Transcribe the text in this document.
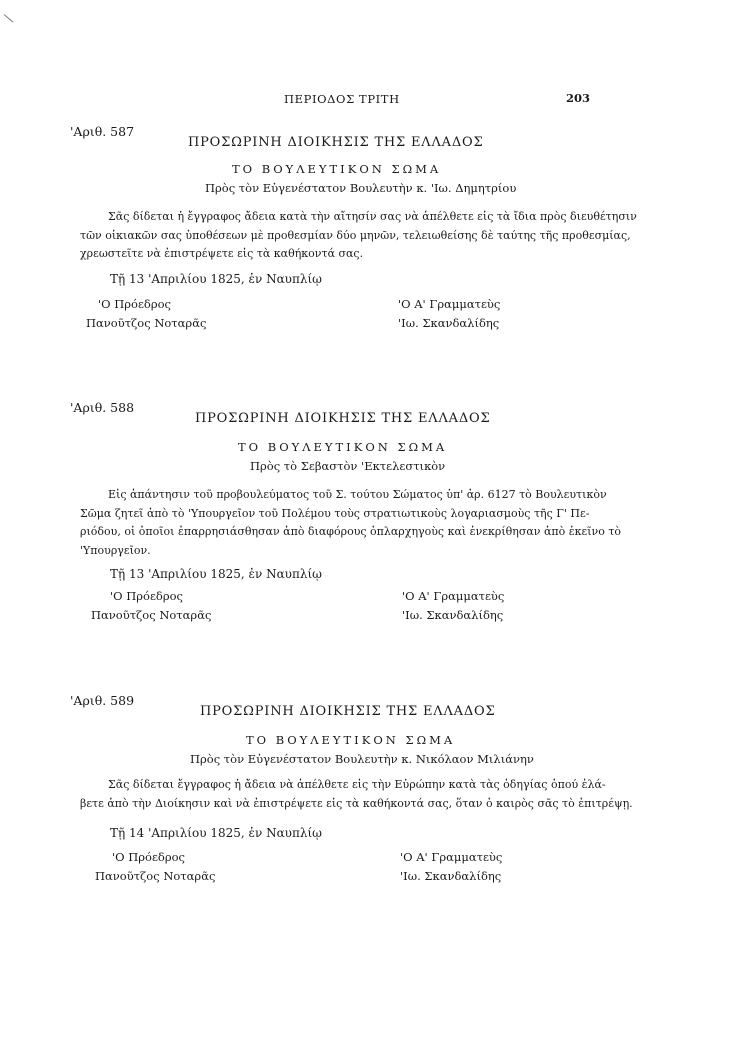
ΠΕΡΙΟΔΟΣ ΤΡΙΤΗ	203
'Αριθ. 587
ΠΡΟΣΩΡΙΝΗ ΔΙΟΙΚΗΣΙΣ ΤΗΣ ΕΛΛΑΔΟΣ
ΤΟ ΒΟΥΛΕΥΤΙΚΟΝ ΣΩΜΑ
Πρὸς τὸν Εὐγενέστατον Βουλευτὴν κ. 'Ιω. Δημητρίου
Σᾶς δίδεται ἡ ἔγγραφος ἄδεια κατὰ τὴν αἴτησίν σας νὰ ἀπέλθετε εἰς τὰ ἴδια πρὸς διευθέτησιν
τῶν οἰκιακῶν σας ὑποθέσεων μὲ προθεσμίαν δύο μηνῶν, τελειωθείσης δὲ ταύτης τῆς προθεσμίας,
χρεωστεῖτε νὰ ἐπιστρέψετε εἰς τὰ καθήκοντά σας.
Τῇ 13 'Απριλίου 1825, ἐν Ναυπλίῳ
'Ο Πρόεδρος
Πανοῦτζος Νοταρᾶς
'Ο Α' Γραμματεὺς
'Ιω. Σκανδαλίδης
'Αριθ. 588
ΠΡΟΣΩΡΙΝΗ ΔΙΟΙΚΗΣΙΣ ΤΗΣ ΕΛΛΑΔΟΣ
ΤΟ ΒΟΥΛΕΥΤΙΚΟΝ ΣΩΜΑ
Πρὸς τὸ Σεβαστὸν 'Εκτελεστικὸν
Εἰς ἀπάντησιν τοῦ προβουλεύματος τοῦ Σ. τούτου Σώματος ὑπ' ἀρ. 6127 τὸ Βουλευτικὸν
Σῶμα ζητεῖ ἀπὸ τὸ 'Υπουργεῖον τοῦ Πολέμου τοὺς στρατιωτικοὺς λογαριασμοὺς τῆς Γ' Πε-
ριόδου, οἱ ὁποῖοι ἐπαρρησιάσθησαν ἀπὸ διαφόρους ὁπλαρχηγοὺς καὶ ἐνεκρίθησαν ἀπὸ ἐκεῖνο τὸ
'Υπουργεῖον.
Τῇ 13 'Απριλίου 1825, ἐν Ναυπλίῳ
'Ο Πρόεδρος
Πανοῦτζος Νοταρᾶς
'Ο Α' Γραμματεὺς
'Ιω. Σκανδαλίδης
'Αριθ. 589
ΠΡΟΣΩΡΙΝΗ ΔΙΟΙΚΗΣΙΣ ΤΗΣ ΕΛΛΑΔΟΣ
ΤΟ ΒΟΥΛΕΥΤΙΚΟΝ ΣΩΜΑ
Πρὸς τὸν Εὐγενέστατον Βουλευτὴν κ. Νικόλαον Μιλιάνην
Σᾶς δίδεται ἔγγραφος ἡ ἄδεια νὰ ἀπέλθετε εἰς τὴν Εὐρώπην κατὰ τὰς ὁδηγίας ὁπού ἐλά-
βετε ἀπὸ τὴν Διοίκησιν καὶ νὰ ἐπιστρέψετε εἰς τὰ καθήκοντά σας, ὅταν ὁ καιρὸς σᾶς τὸ ἐπιτρέψῃ.
Τῇ 14 'Απριλίου 1825, ἐν Ναυπλίῳ
'Ο Πρόεδρος
Πανοῦτζος Νοταρᾶς
'Ο Α' Γραμματεὺς
'Ιω. Σκανδαλίδης
